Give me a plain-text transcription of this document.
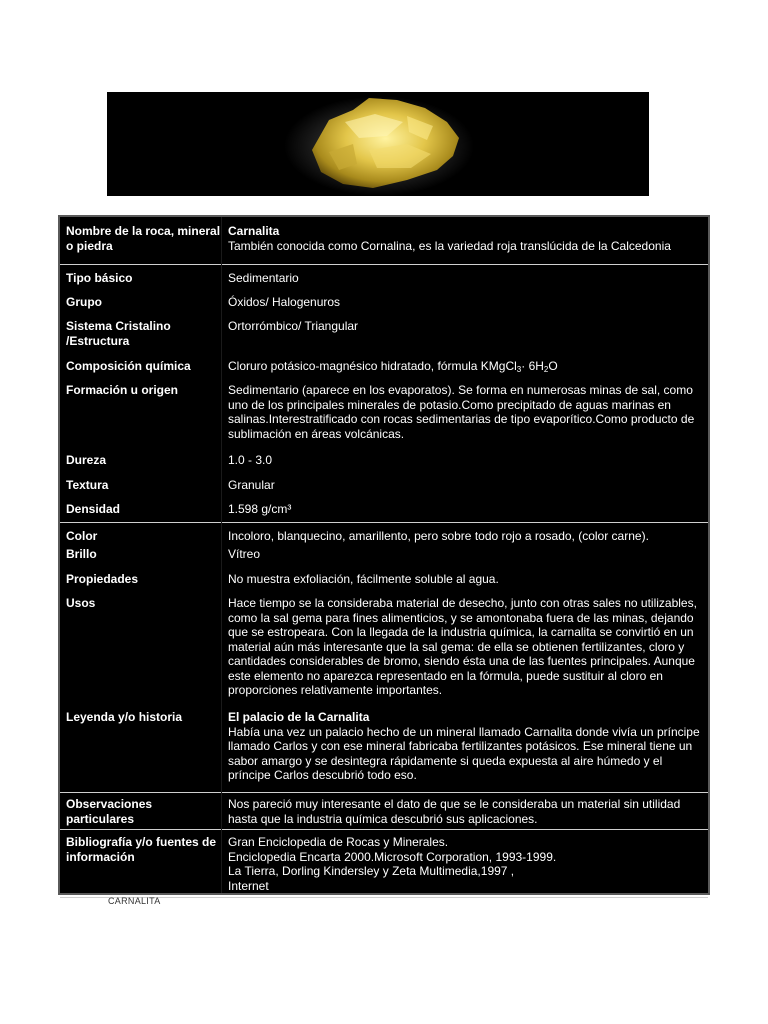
Nombre de la roca, mineral o piedra	Carnalita
También conocida como Cornalina, es la variedad roja translúcida de la Calcedonia
Tipo básico	Sedimentario
Grupo	Óxidos/ Halogenuros
Sistema Cristalino /Estructura	Ortorrómbico/ Triangular
Composición química	Cloruro potásico-magnésico hidratado, fórmula KMgCl$_3$· $6H_2O$
Formación u origen	Sedimentario (aparece en los evaporatos). Se forma en numerosas minas de sal, como uno de los principales minerales de potasio.Como precipitado de aguas marinas en salinas.Interestratificado con rocas sedimentarias de tipo evaporítico.Como producto de sublimación en áreas volcánicas.
Dureza	1.0 - 3.0
Textura	Granular
Densidad	1.598 g/cm³
Color	Incoloro, blanquecino, amarillento, pero sobre todo rojo a rosado, (color carne).
Brillo	Vítreo
Propiedades	No muestra exfoliación, fácilmente soluble al agua.
Usos	Hace tiempo se la consideraba material de desecho, junto con otras sales no utilizables, como la sal gema para fines alimenticios, y se amontonaba fuera de las minas, dejando que se estropeara. Con la llegada de la industria química, la carnalita se convirtió en un material aún más interesante que la sal gema: de ella se obtienen fertilizantes, cloro y cantidades considerables de bromo, siendo ésta una de las fuentes principales. Aunque este elemento no aparezca representado en la fórmula, puede sustituir al cloro en proporciones relativamente importantes.
Leyenda y/o historia	El palacio de la Carnalita
Había una vez un palacio hecho de un mineral llamado Carnalita donde vivía un príncipe llamado Carlos y con ese mineral fabricaba fertilizantes potásicos. Ese mineral tiene un sabor amargo y se desintegra rápidamente si queda expuesta al aire húmedo y el príncipe Carlos descubrió todo eso.
Observaciones particulares	Nos pareció muy interesante el dato de que se le consideraba un material sin utilidad hasta que la industria química descubrió sus aplicaciones.
Bibliografía y/o fuentes de información	Gran Enciclopedia de Rocas y Minerales.
Enciclopedia Encarta 2000.Microsoft Corporation, 1993-1999.
La Tierra, Dorling Kindersley y Zeta Multimedia,1997 ,
Internet
CARNALITA
